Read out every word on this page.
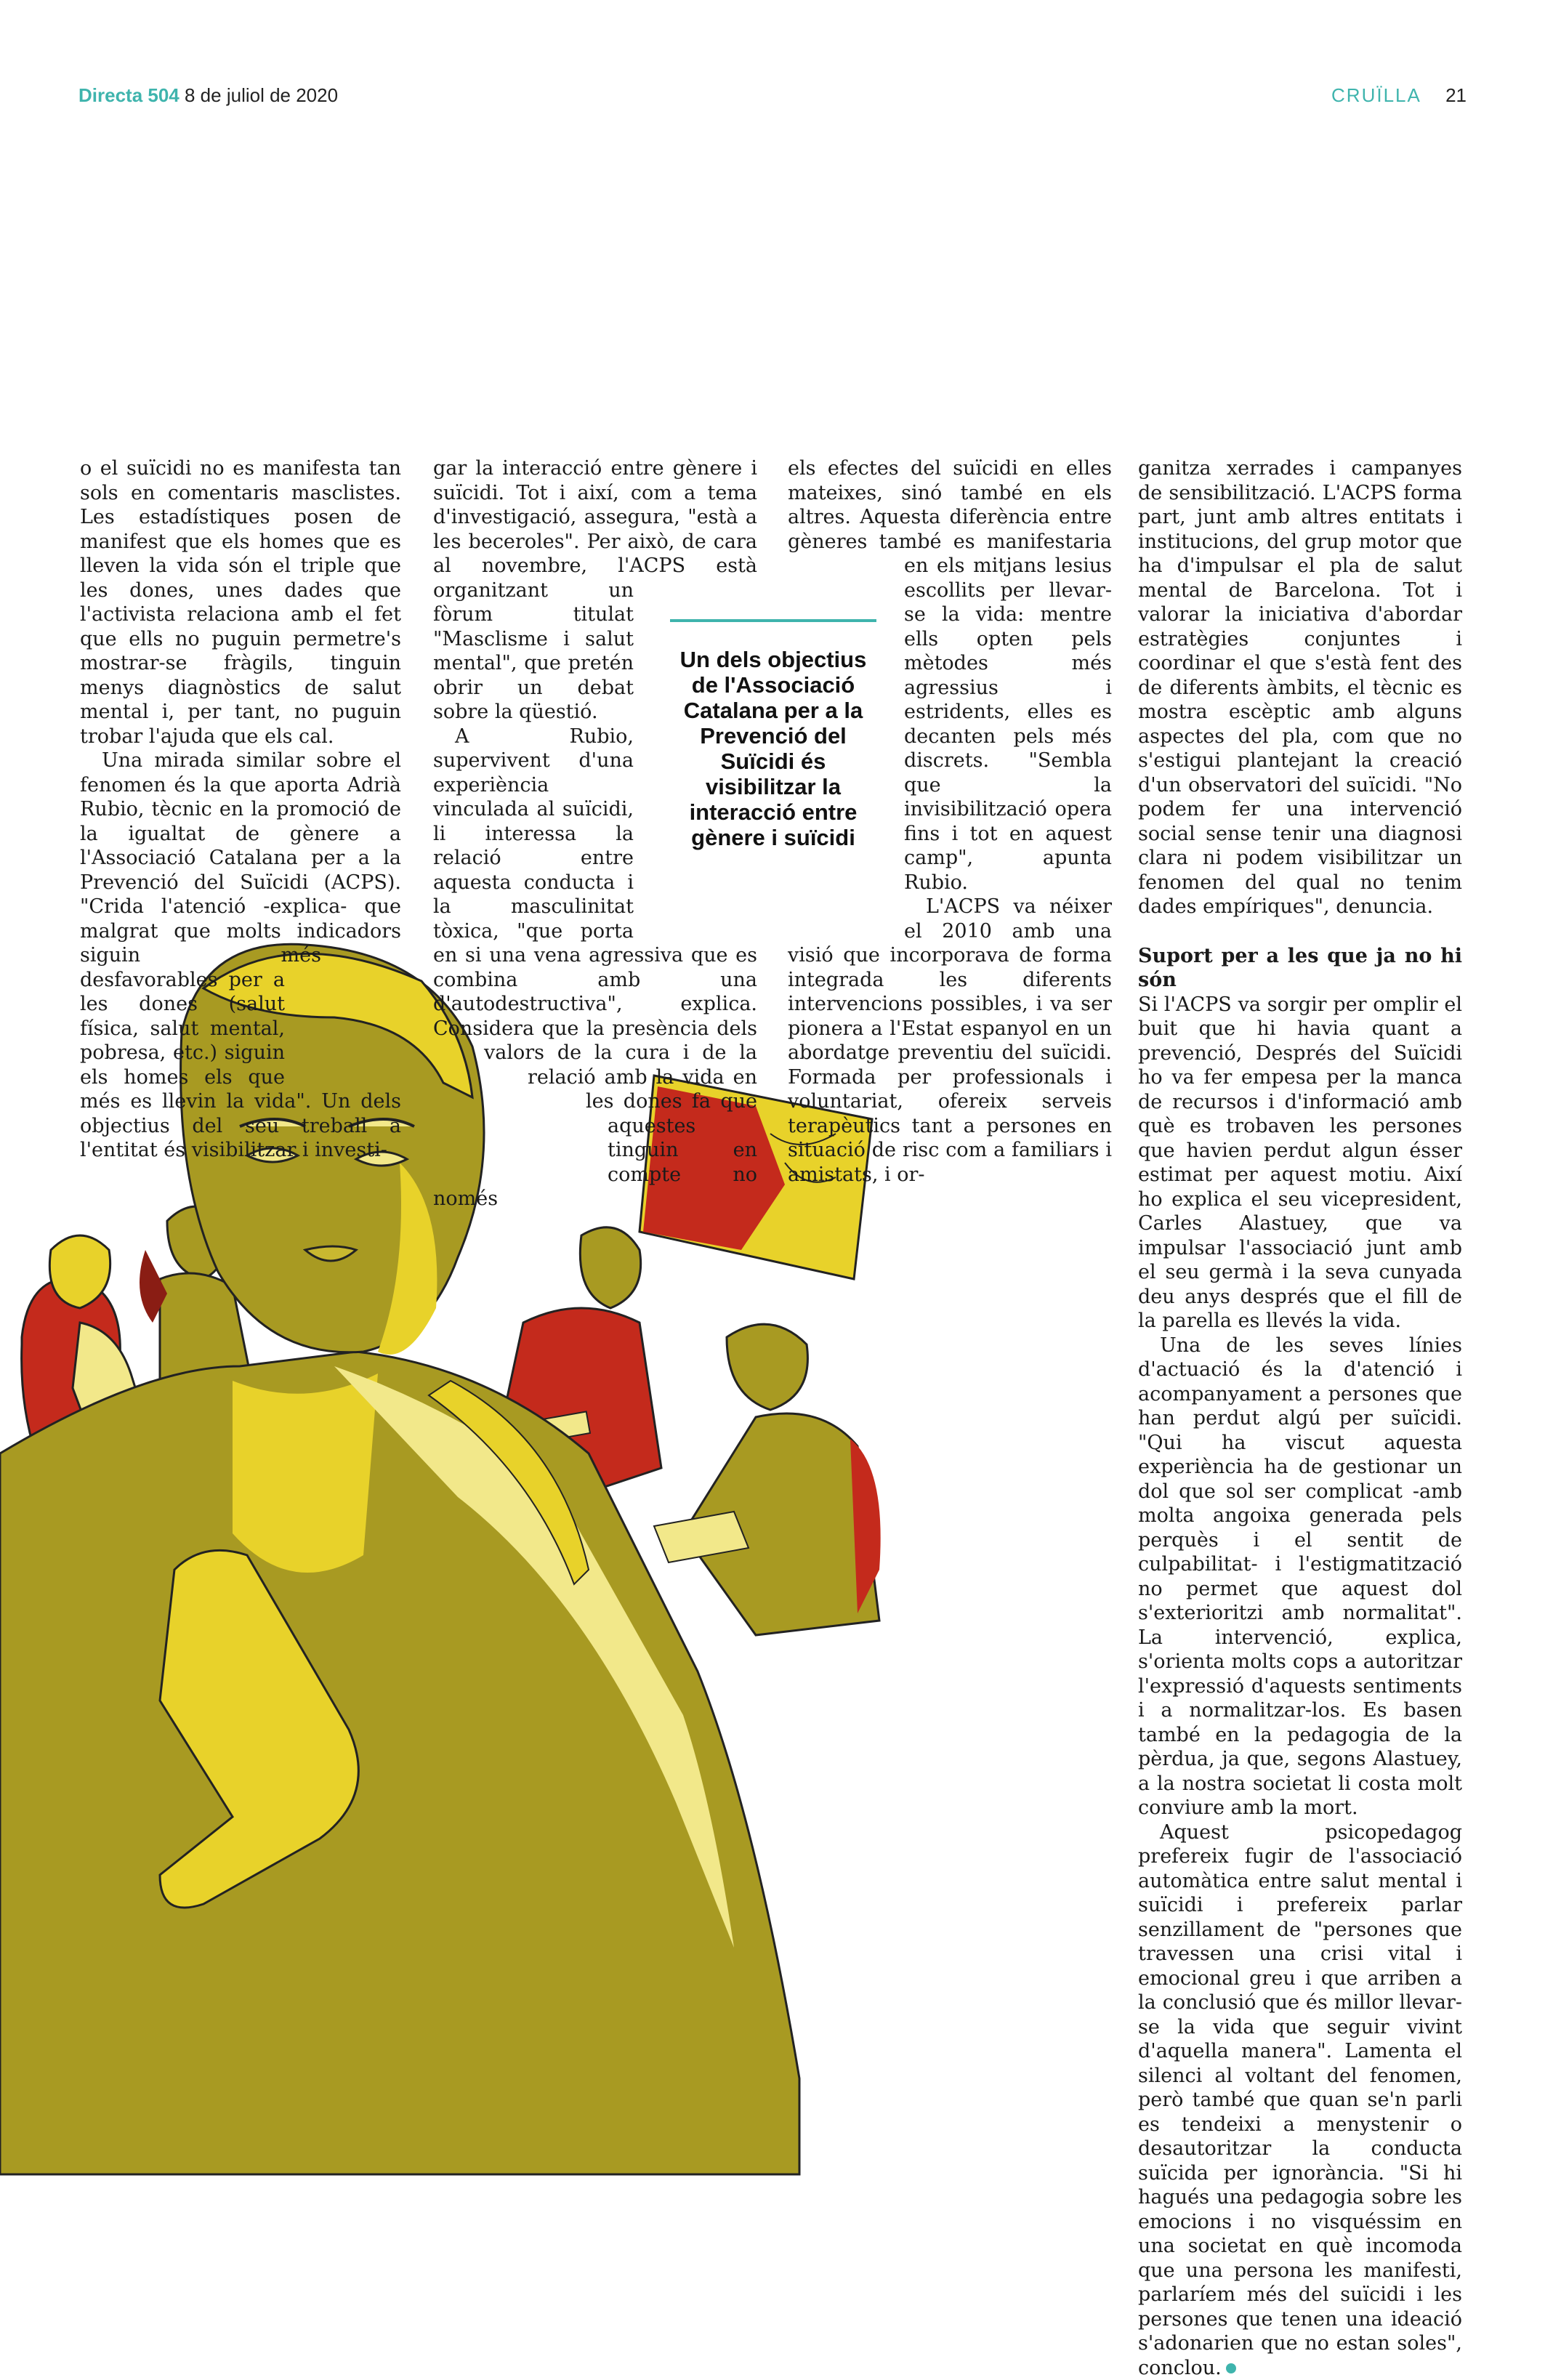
Directa 504 8 de juliol de 2020	CRUÏLLA 21

o el suïcidi no es manifesta tan sols en comentaris masclistes. Les estadístiques posen de manifest que els homes que es lleven la vida són el triple que les dones, unes dades que l'activista relaciona amb el fet que ells no puguin permetre's mostrar-se fràgils, tinguin menys diagnòstics de salut mental i, per tant, no puguin trobar l'ajuda que els cal.

Una mirada similar sobre el fenomen és la que aporta Adrià Rubio, tècnic en la promoció de la igualtat de gènere a l'Associació Catalana per a la Prevenció del Suïcidi (ACPS). "Crida l'atenció -explica- que malgrat que molts indicadors siguin més desfavorables per a les dones (salut física, salut mental, pobresa, etc.) siguin els homes els que més es llevin la vida". Un dels objectius del seu treball a l'entitat és visibilitzar i investi-

gar la interacció entre gènere i suïcidi. Tot i així, com a tema d'investigació, assegura, "està a les beceroles". Per això, de cara al novembre, l'ACPS està organitzant un fòrum titulat "Masclisme i salut mental", que pretén obrir un debat sobre la qüestió.

A Rubio, supervivent d'una experiència vinculada al suïcidi, li interessa la relació entre aquesta conducta i la masculinitat tòxica, "que porta en si una vena agressiva que es combina amb una d'autodestructiva", explica. Considera que la presència dels valors de la cura i de la relació amb la vida en les dones fa que aquestes tinguin en compte no només

els efectes del suïcidi en elles mateixes, sinó també en els altres. Aquesta diferència entre gèneres també es manifestaria en els mitjans lesius escollits per llevar-se la vida: mentre ells opten pels mètodes més agressius i estridents, elles es decanten pels més discrets. "Sembla que la invisibilització opera fins i tot en aquest camp", apunta Rubio.

L'ACPS va néixer el 2010 amb una visió que incorporava de forma integrada les diferents intervencions possibles, i va ser pionera a l'Estat espanyol en un abordatge preventiu del suïcidi. Formada per professionals i voluntariat, ofereix serveis terapèutics tant a persones en situació de risc com a familiars i amistats, i or-

Un dels objectius de l'Associació Catalana per a la Prevenció del Suïcidi és visibilitzar la interacció entre gènere i suïcidi

ganitza xerrades i campanyes de sensibilització. L'ACPS forma part, junt amb altres entitats i institucions, del grup motor que ha d'impulsar el pla de salut mental de Barcelona. Tot i valorar la iniciativa d'abordar estratègies conjuntes i coordinar el que s'està fent des de diferents àmbits, el tècnic es mostra escèptic amb alguns aspectes del pla, com que no s'estigui plantejant la creació d'un observatori del suïcidi. "No podem fer una intervenció social sense tenir una diagnosi clara ni podem visibilitzar un fenomen del qual no tenim dades empíriques", denuncia.

Suport per a les que ja no hi són

Si l'ACPS va sorgir per omplir el buit que hi havia quant a prevenció, Després del Suïcidi ho va fer empesa per la manca de recursos i d'informació amb què es trobaven les persones que havien perdut algun ésser estimat per aquest motiu. Així ho explica el seu vicepresident, Carles Alastuey, que va impulsar l'associació junt amb el seu germà i la seva cunyada deu anys després que el fill de la parella es llevés la vida.

Una de les seves línies d'actuació és la d'atenció i acompanyament a persones que han perdut algú per suïcidi. "Qui ha viscut aquesta experiència ha de gestionar un dol que sol ser complicat -amb molta angoixa generada pels perquès i el sentit de culpabilitat- i l'estigmatització no permet que aquest dol s'exterioritzi amb normalitat". La intervenció, explica, s'orienta molts cops a autoritzar l'expressió d'aquests sentiments i a normalitzar-los. Es basen també en la pedagogia de la pèrdua, ja que, segons Alastuey, a la nostra societat li costa molt conviure amb la mort.

Aquest psicopedagog prefereix fugir de l'associació automàtica entre salut mental i suïcidi i prefereix parlar senzillament de "persones que travessen una crisi vital i emocional greu i que arriben a la conclusió que és millor llevar-se la vida que seguir vivint d'aquella manera". Lamenta el silenci al voltant del fenomen, però també que quan se'n parli es tendeixi a menystenir o desautoritzar la conducta suïcida per ignorància. "Si hi hagués una pedagogia sobre les emocions i no visquéssim en una societat en què incomoda que una persona les manifesti, parlaríem més del suïcidi i les persones que tenen una ideació s'adonarien que no estan soles", conclou.
